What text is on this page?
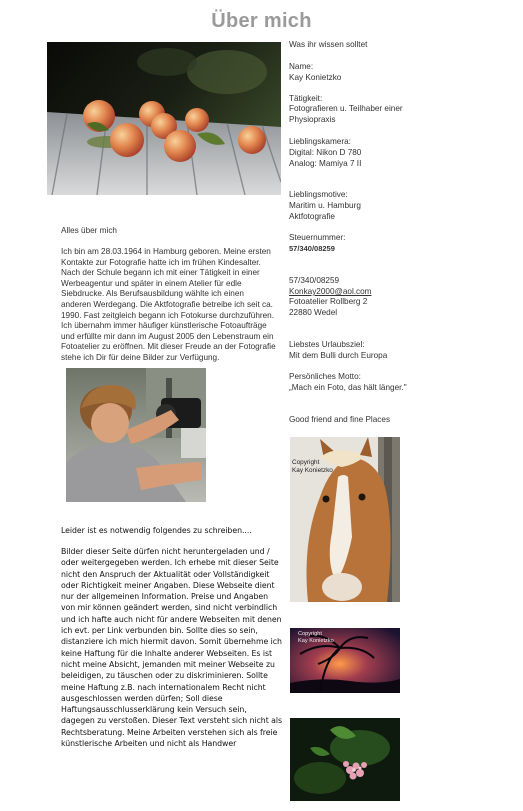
Über mich
Was ihr wissen solltet
Name:
Kay Konietzko
Tätigkeit:
Fotografieren u. Teilhaber einer
Physiopraxis
Lieblingskamera:
Digital: Nikon D 780
Analog: Mamiya 7 II
Lieblingsmotive:
Maritim u. Hamburg
Aktfotografie
Steuernummer:
57/340/08259
57/340/08259
Konkay2000@aol.com
Fotoatelier Rollberg 2
22880 Wedel
Liebstes Urlaubsziel:
Mit dem Bulli durch Europa
Persönliches Motto:
„Mach ein Foto, das hält länger."
Good friend and fine Places
Alles über mich
Ich bin am 28.03.1964 in Hamburg geboren. Meine ersten
Kontakte zur Fotografie hatte ich im frühen Kindesalter.
Nach der Schule begann ich mit einer Tätigkeit in einer
Werbeagentur und später in einem Atelier für edle
Siebdrucke. Als Berufsausbildung wählte ich einen
anderen Werdegang. Die Aktfotografie betreibe ich seit ca.
1990. Fast zeitgleich begann ich Fotokurse durchzuführen.
Ich übernahm immer häufiger künstlerische Fotoaufträge
und erfüllte mir dann im August 2005 den Lebenstraum ein
Fotoatelier zu eröffnen. Mit dieser Freude an der Fotografie
stehe ich Dir für deine Bilder zur Verfügung.
Copyright
Kay Konietzko
Copyright
Kay Konietzko
Leider ist es notwendig folgendes zu schreiben....
Bilder dieser Seite dürfen nicht heruntergeladen und /
oder weitergegeben werden. Ich erhebe mit dieser Seite
nicht den Anspruch der Aktualität oder Vollständigkeit
oder Richtigkeit meiner Angaben. Diese Webseite dient
nur der allgemeinen Information. Preise und Angaben
von mir können geändert werden, sind nicht verbindlich
und ich hafte auch nicht für andere Webseiten mit denen
ich evt. per Link verbunden bin. Sollte dies so sein,
distanziere ich mich hiermit davon. Somit übernehme ich
keine Haftung für die Inhalte anderer Webseiten. Es ist
nicht meine Absicht, jemanden mit meiner Webseite zu
beleidigen, zu täuschen oder zu diskriminieren. Sollte
meine Haftung z.B. nach internationalem Recht nicht
ausgeschlossen werden dürfen; Soll diese
Haftungsausschlusserklärung kein Versuch sein,
dagegen zu verstoßen. Dieser Text versteht sich nicht als
Rechtsberatung. Meine Arbeiten verstehen sich als freie
künstlerische Arbeiten und nicht als Handwer
